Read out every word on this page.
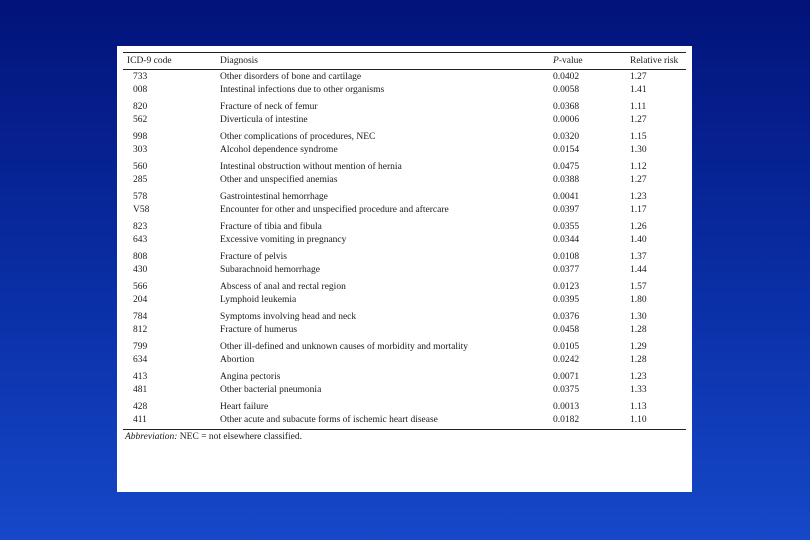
ICD-9 code	Diagnosis	P-value	Relative risk
733	Other disorders of bone and cartilage	0.0402	1.27
008	Intestinal infections due to other organisms	0.0058	1.41
820	Fracture of neck of femur	0.0368	1.11
562	Diverticula of intestine	0.0006	1.27
998	Other complications of procedures, NEC	0.0320	1.15
303	Alcohol dependence syndrome	0.0154	1.30
560	Intestinal obstruction without mention of hernia	0.0475	1.12
285	Other and unspecified anemias	0.0388	1.27
578	Gastrointestinal hemorrhage	0.0041	1.23
V58	Encounter for other and unspecified procedure and aftercare	0.0397	1.17
823	Fracture of tibia and fibula	0.0355	1.26
643	Excessive vomiting in pregnancy	0.0344	1.40
808	Fracture of pelvis	0.0108	1.37
430	Subarachnoid hemorrhage	0.0377	1.44
566	Abscess of anal and rectal region	0.0123	1.57
204	Lymphoid leukemia	0.0395	1.80
784	Symptoms involving head and neck	0.0376	1.30
812	Fracture of humerus	0.0458	1.28
799	Other ill-defined and unknown causes of morbidity and mortality	0.0105	1.29
634	Abortion	0.0242	1.28
413	Angina pectoris	0.0071	1.23
481	Other bacterial pneumonia	0.0375	1.33
428	Heart failure	0.0013	1.13
411	Other acute and subacute forms of ischemic heart disease	0.0182	1.10
Abbreviation: NEC = not elsewhere classified.
